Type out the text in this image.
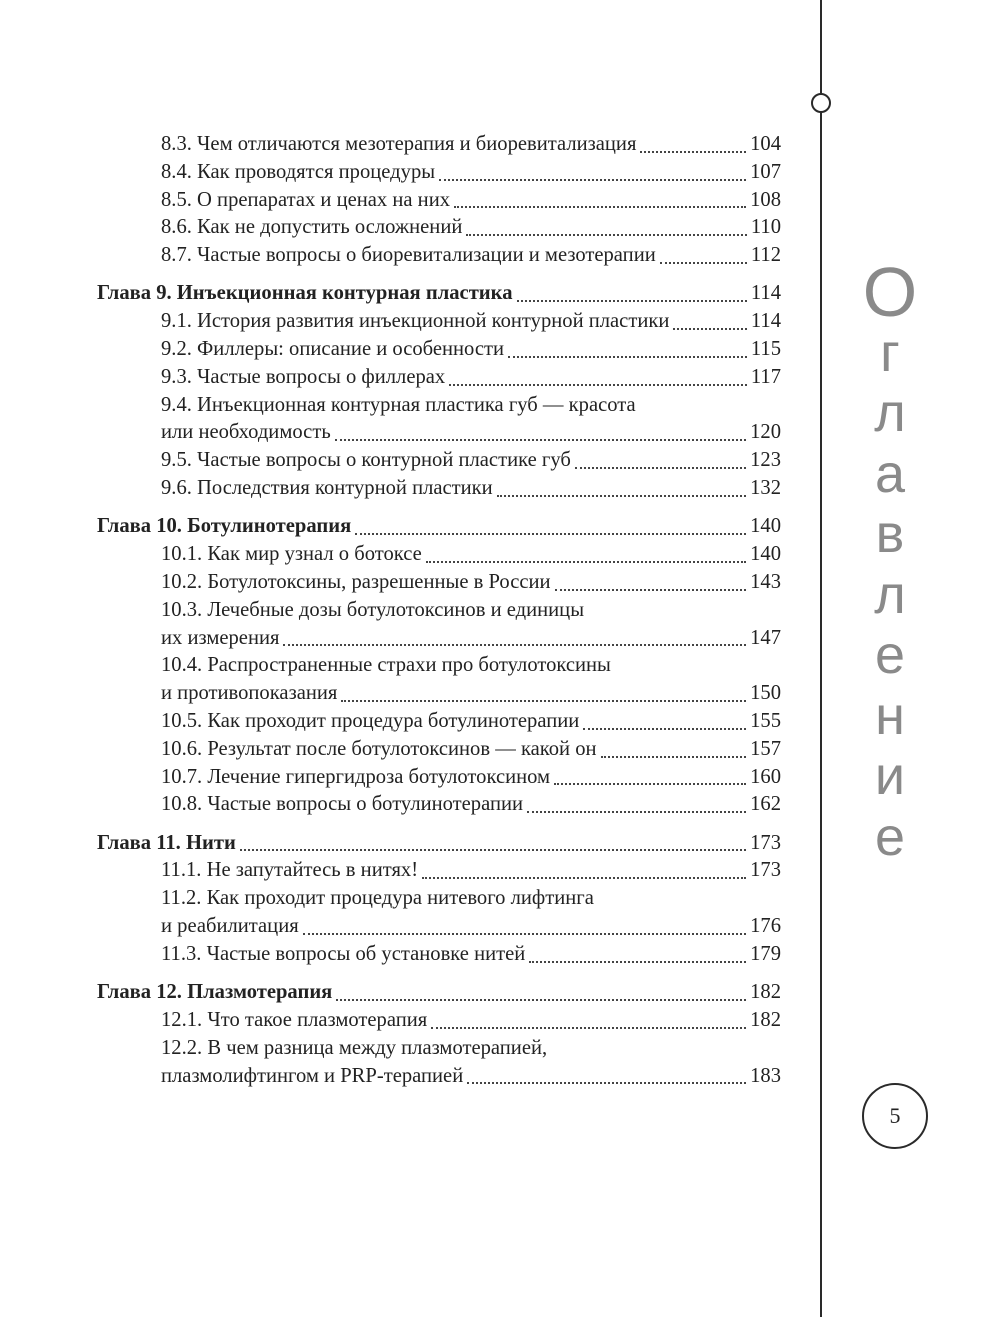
О
г
л
а
в
л
е
н
и
е
5
8.3. Чем отличаются мезотерапия и биоревитализация	104
8.4. Как проводятся процедуры	107
8.5. О препаратах и ценах на них	108
8.6. Как не допустить осложнений	110
8.7. Частые вопросы о биоревитализации и мезотерапии	112
Глава 9. Инъекционная контурная пластика	114
9.1. История развития инъекционной контурной пластики	114
9.2. Филлеры: описание и особенности	115
9.3. Частые вопросы о филлерах	117
9.4. Инъекционная контурная пластика губ — красота
или необходимость	120
9.5. Частые вопросы о контурной пластике губ	123
9.6. Последствия контурной пластики	132
Глава 10. Ботулинотерапия	140
10.1. Как мир узнал о ботоксе	140
10.2. Ботулотоксины, разрешенные в России	143
10.3. Лечебные дозы ботулотоксинов и единицы
их измерения	147
10.4. Распространенные страхи про ботулотоксины
и противопоказания	150
10.5. Как проходит процедура ботулинотерапии	155
10.6. Результат после ботулотоксинов — какой он	157
10.7. Лечение гипергидроза ботулотоксином	160
10.8. Частые вопросы о ботулинотерапии	162
Глава 11. Нити	173
11.1. Не запутайтесь в нитях!	173
11.2. Как проходит процедура нитевого лифтинга
и реабилитация	176
11.3. Частые вопросы об установке нитей	179
Глава 12. Плазмотерапия	182
12.1. Что такое плазмотерапия	182
12.2. В чем разница между плазмотерапией,
плазмолифтингом и PRP-терапией	183
